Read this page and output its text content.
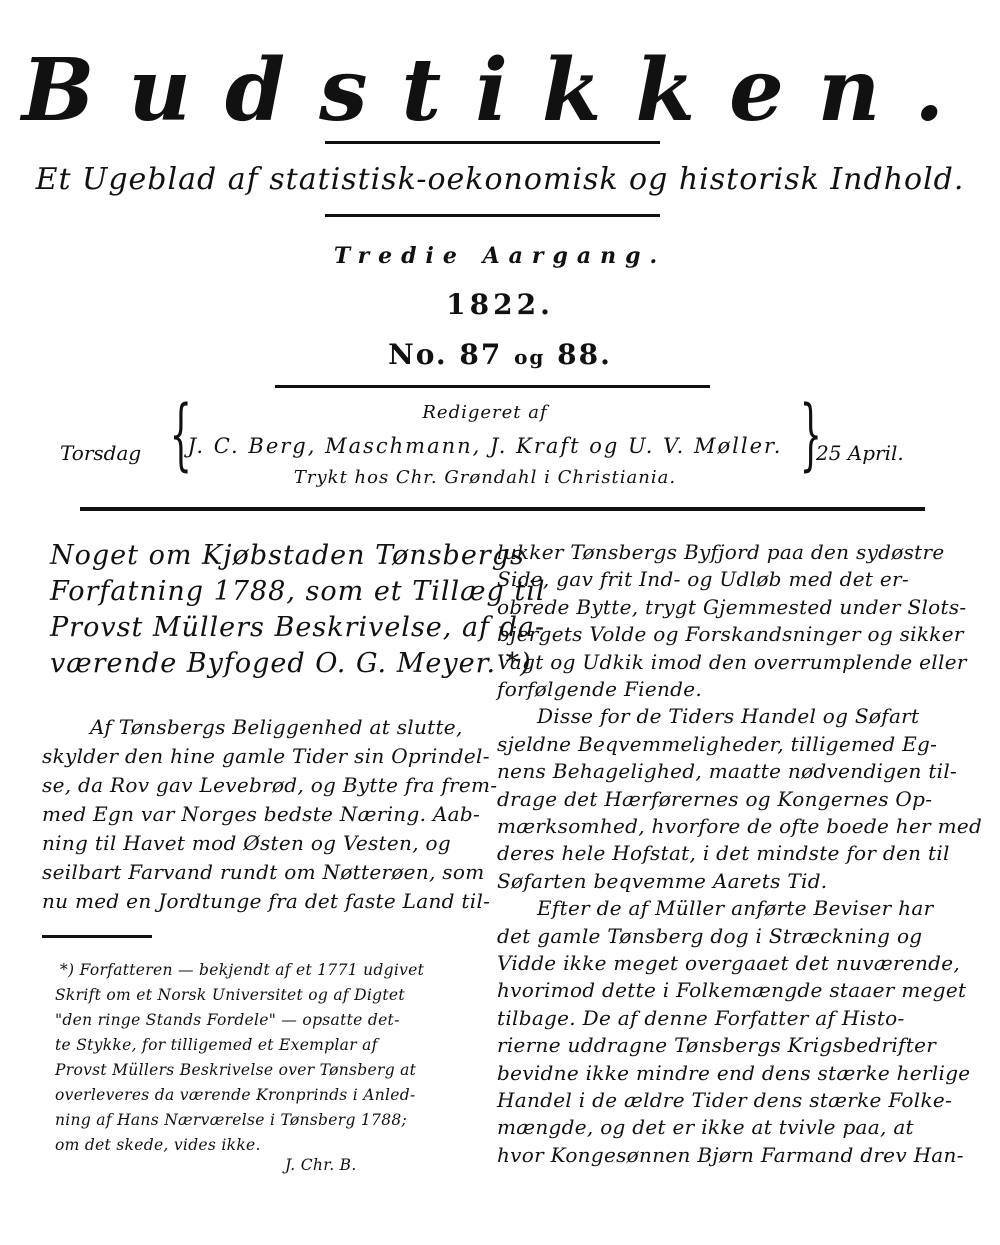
Budstikken.
Et Ugeblad af statistisk-oekonomisk og historisk Indhold.
Tredie Aargang.
1822.
No. 87 og 88.
Torsdag {	Redigeret af
J. C. Berg, Maschmann, J. Kraft og U. V. Møller.
Trykt hos Chr. Grøndahl i Christiania.	}
25 April.
Noget om Kjøbstaden Tønsbergs
Forfatning 1788, som et Tillæg til
Provst Müllers Beskrivelse, af da-
værende Byfoged O. G. Meyer. *)
Af Tønsbergs Beliggenhed at slutte,
skylder den hine gamle Tider sin Oprindel-
se, da Rov gav Levebrød, og Bytte fra frem-
med Egn var Norges bedste Næring. Aab-
ning til Havet mod Østen og Vesten, og
seilbart Farvand rundt om Nøtterøen, som
nu med en Jordtunge fra det faste Land til-
*) Forfatteren — bekjendt af et 1771 udgivet
Skrift om et Norsk Universitet og af Digtet
"den ringe Stands Fordele" — opsatte det-
te Stykke, for tilligemed et Exemplar af
Provst Müllers Beskrivelse over Tønsberg at
overleveres da værende Kronprinds i Anled-
ning af Hans Nærværelse i Tønsberg 1788;
om det skede, vides ikke.
J. Chr. B.
lukker Tønsbergs Byfjord paa den sydøstre
Side, gav frit Ind- og Udløb med det er-
obrede Bytte, trygt Gjemmested under Slots-
bjergets Volde og Forskandsninger og sikker
Vagt og Udkik imod den overrumplende eller
forfølgende Fiende.
Disse for de Tiders Handel og Søfart
sjeldne Beqvemmeligheder, tilligemed Eg-
nens Behagelighed, maatte nødvendigen til-
drage det Hærførernes og Kongernes Op-
mærksomhed, hvorfore de ofte boede her med
deres hele Hofstat, i det mindste for den til
Søfarten beqvemme Aarets Tid.
Efter de af Müller anførte Beviser har
det gamle Tønsberg dog i Stræckning og
Vidde ikke meget overgaaet det nuværende,
hvorimod dette i Folkemængde staaer meget
tilbage. De af denne Forfatter af Histo-
rierne uddragne Tønsbergs Krigsbedrifter
bevidne ikke mindre end dens stærke herlige
Handel i de ældre Tider dens stærke Folke-
mængde, og det er ikke at tvivle paa, at
hvor Kongesønnen Bjørn Farmand drev Han-
